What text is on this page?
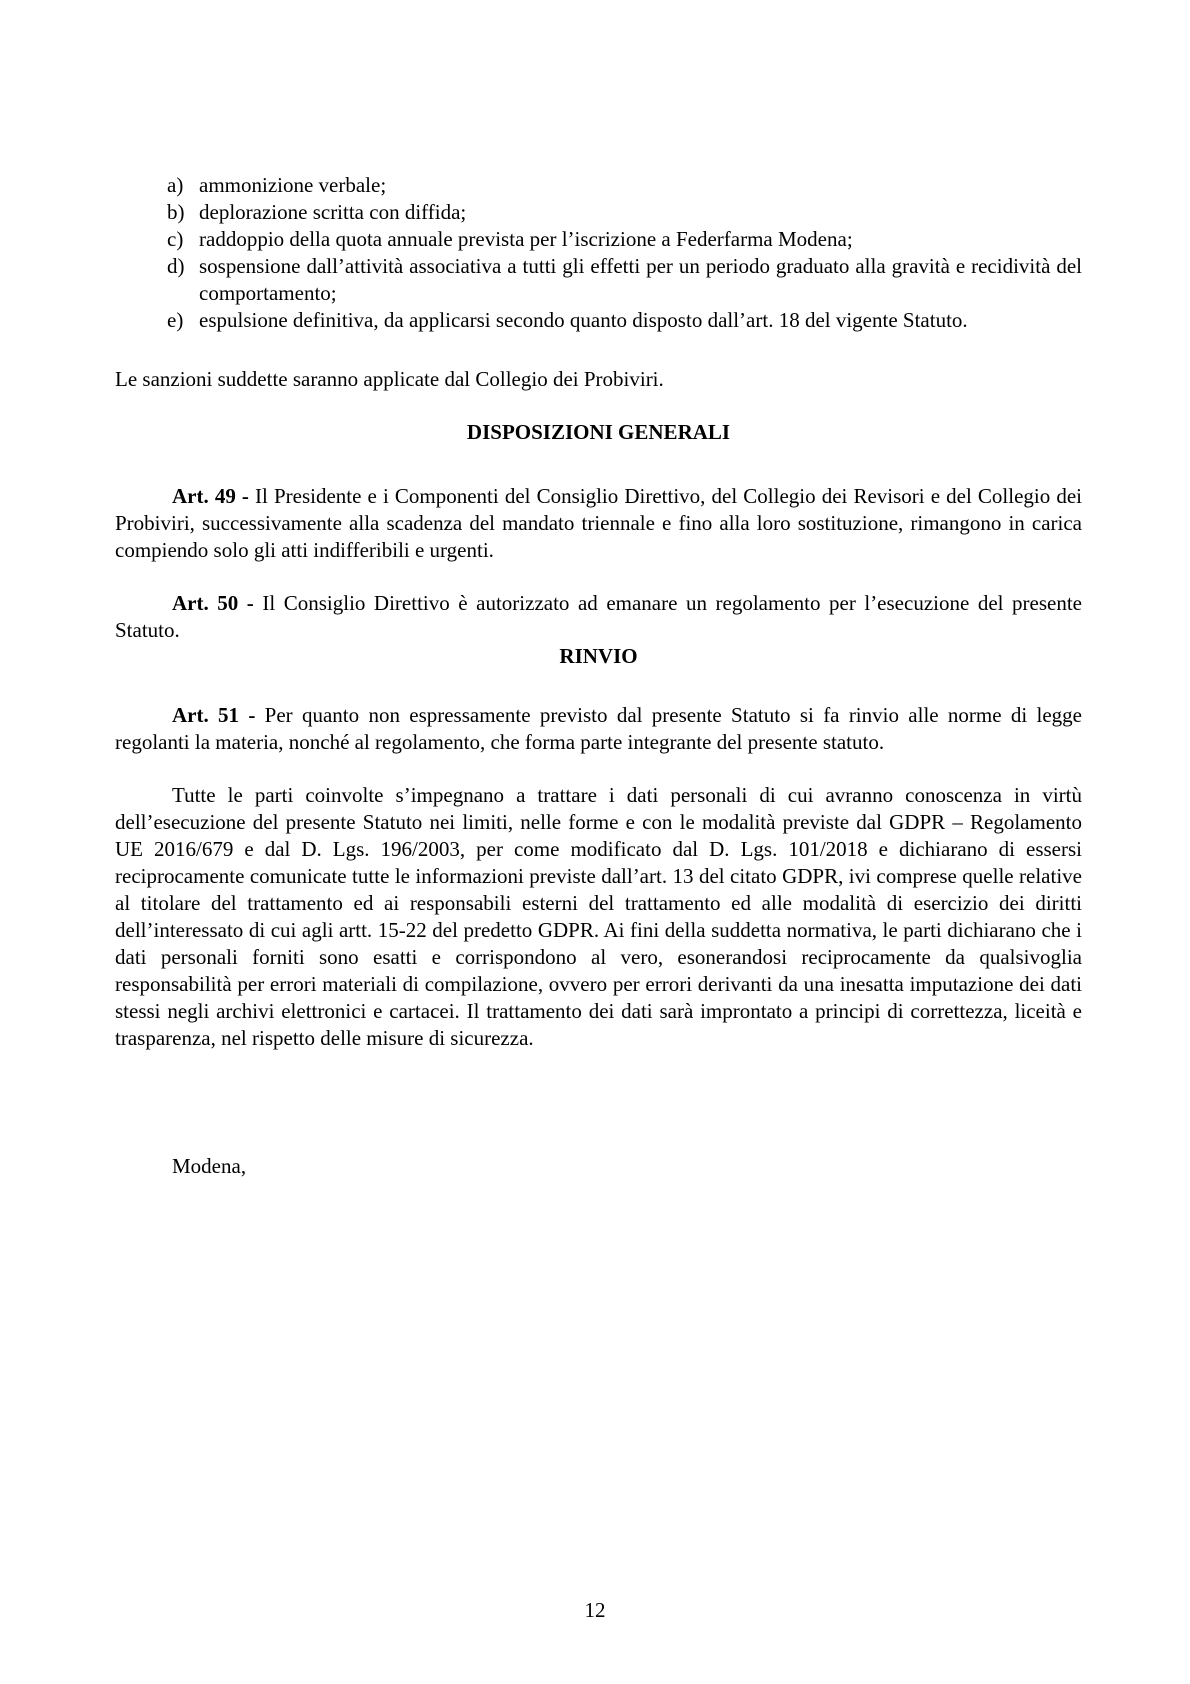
a) ammonizione verbale;
b) deplorazione scritta con diffida;
c) raddoppio della quota annuale prevista per l’iscrizione a Federfarma Modena;
d) sospensione dall’attività associativa a tutti gli effetti per un periodo graduato alla gravità e recidività del comportamento;
e) espulsione definitiva, da applicarsi secondo quanto disposto dall’art. 18 del vigente Statuto.
Le sanzioni suddette saranno applicate dal Collegio dei Probiviri.
DISPOSIZIONI GENERALI
Art. 49 - Il Presidente e i Componenti del Consiglio Direttivo, del Collegio dei Revisori e del Collegio dei Probiviri, successivamente alla scadenza del mandato triennale e fino alla loro sostituzione, rimangono in carica compiendo solo gli atti indifferibili e urgenti.
Art. 50 - Il Consiglio Direttivo è autorizzato ad emanare un regolamento per l’esecuzione del presente Statuto.
RINVIO
Art. 51 - Per quanto non espressamente previsto dal presente Statuto si fa rinvio alle norme di legge regolanti la materia, nonché al regolamento, che forma parte integrante del presente statuto.
Tutte le parti coinvolte s’impegnano a trattare i dati personali di cui avranno conoscenza in virtù dell’esecuzione del presente Statuto nei limiti, nelle forme e con le modalità previste dal GDPR – Regolamento UE 2016/679 e dal D. Lgs. 196/2003, per come modificato dal D. Lgs. 101/2018 e dichiarano di essersi reciprocamente comunicate tutte le informazioni previste dall’art. 13 del citato GDPR, ivi comprese quelle relative al titolare del trattamento ed ai responsabili esterni del trattamento ed alle modalità di esercizio dei diritti dell’interessato di cui agli artt. 15-22 del predetto GDPR. Ai fini della suddetta normativa, le parti dichiarano che i dati personali forniti sono esatti e corrispondono al vero, esonerandosi reciprocamente da qualsivoglia responsabilità per errori materiali di compilazione, ovvero per errori derivanti da una inesatta imputazione dei dati stessi negli archivi elettronici e cartacei. Il trattamento dei dati sarà improntato a principi di correttezza, liceità e trasparenza, nel rispetto delle misure di sicurezza.
Modena,
12
